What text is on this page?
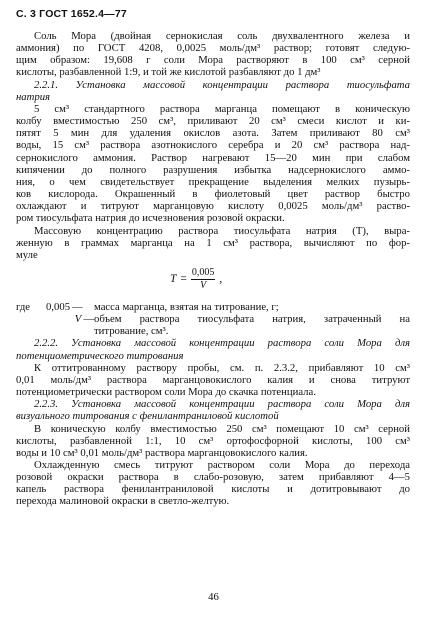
С. 3 ГОСТ 1652.4—77
Соль Мора (двойная сернокислая соль двухвалентного железа и
аммония) по ГОСТ 4208, 0,0025 моль/дм³ раствор; готовят следую-
щим образом: 19,608 г соли Мора растворяют в 100 см³ серной
кислоты, разбавленной 1:9, и той же кислотой разбавляют до 1 дм³
2.2.1. Установка массовой концентрации раствора тиосульфата
натрия
5 см³ стандартного раствора марганца помещают в коническую
колбу вместимостью 250 см³, приливают 20 см³ смеси кислот и ки-
пятят 5 мин для удаления окислов азота. Затем приливают 80 см³
воды, 15 см³ раствора азотнокислого серебра и 20 см³ раствора над-
сернокислого аммония. Раствор нагревают 15—20 мин при слабом
кипячении до полного разрушения избытка надсернокислого аммо-
ния, о чем свидетельствует прекращение выделения мелких пузырь-
ков кислорода. Окрашенный в фиолетовый цвет раствор быстро
охлаждают и титруют марганцовую кислоту 0,0025 моль/дм³ раство-
ром тиосульфата натрия до исчезновения розовой окраски.
Массовую концентрацию раствора тиосульфата натрия (T), выра-
женную в граммах марганца на 1 см³ раствора, вычисляют по фор-
муле
$T = \frac{0,005}{V}$ ,
где	0,005 —	масса марганца, взятая на титрование, г;
V — объем раствора тиосульфата натрия, затраченный на
титрование, см³.
2.2.2. Установка массовой концентрации раствора соли Мора для
потенциометрического титрования
К оттитрованному раствору пробы, см. п. 2.3.2, прибавляют 10 см³
0,01 моль/дм³ раствора марганцовокислого калия и снова титруют
потенциометрически раствором соли Мора до скачка потенциала.
2.2.3. Установка массовой концентрации раствора соли Мора для
визуального титрования с фенилантраниловой кислотой
В коническую колбу вместимостью 250 см³ помещают 10 см³ серной
кислоты, разбавленной 1:1, 10 см³ ортофосфорной кислоты, 100 см³
воды и 10 см³ 0,01 моль/дм³ раствора марганцовокислого калия.
Охлажденную смесь титруют раствором соли Мора до перехода
розовой окраски раствора в слабо-розовую, затем прибавляют 4—5
капель раствора фенилантраниловой кислоты и дотитровывают до
перехода малиновой окраски в светло-желтую.
46
